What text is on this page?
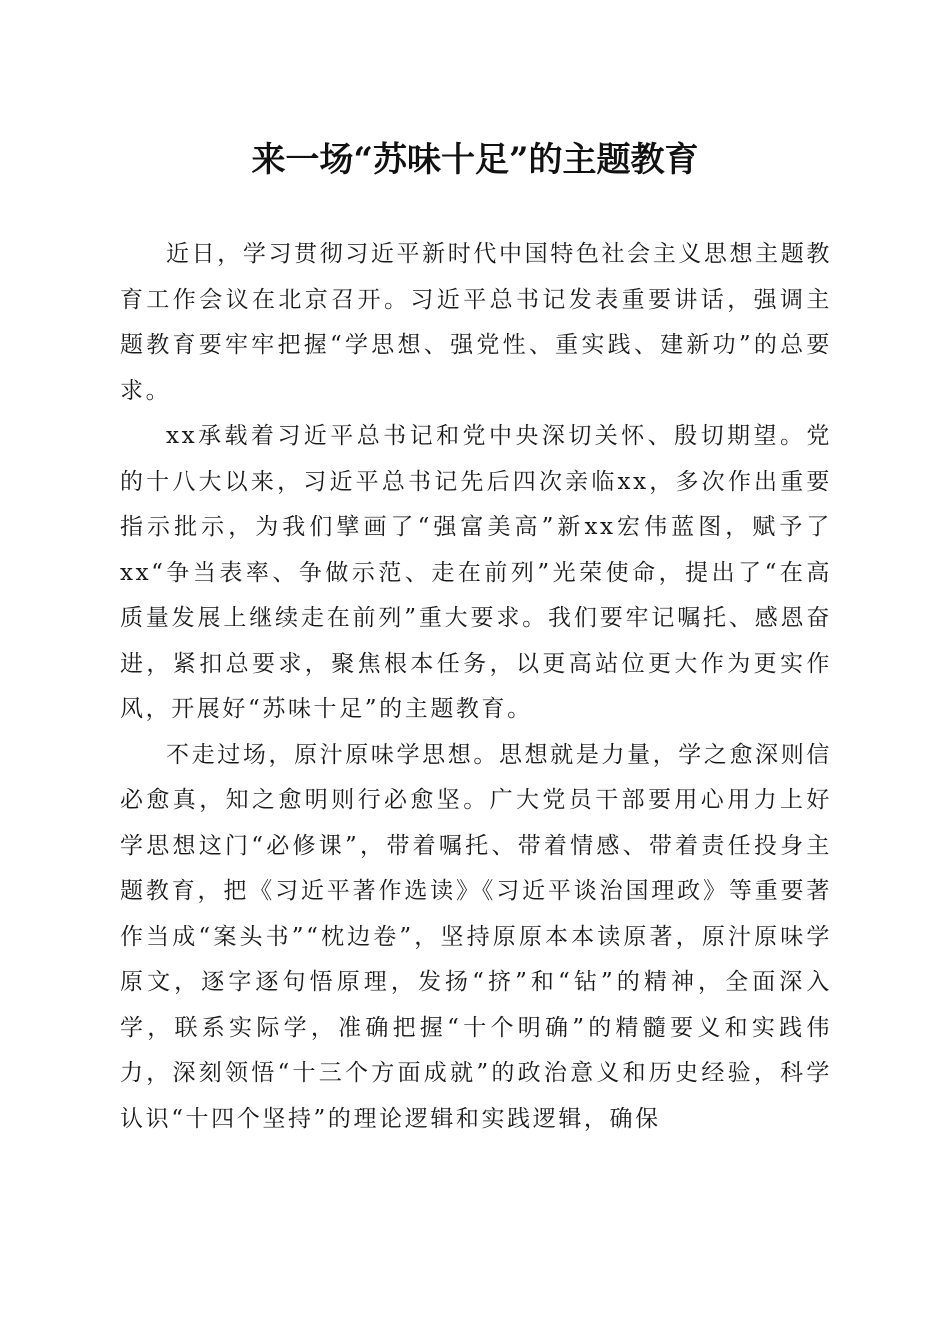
来一场“苏味十足”的主题教育

近日，学习贯彻习近平新时代中国特色社会主义思想主题教育工作会议在北京召开。习近平总书记发表重要讲话，强调主题教育要牢牢把握“学思想、强党性、重实践、建新功”的总要求。

xx承载着习近平总书记和党中央深切关怀、殷切期望。党的十八大以来，习近平总书记先后四次亲临xx，多次作出重要指示批示，为我们擘画了“强富美高”新xx宏伟蓝图，赋予了xx“争当表率、争做示范、走在前列”光荣使命，提出了“在高质量发展上继续走在前列”重大要求。我们要牢记嘱托、感恩奋进，紧扣总要求，聚焦根本任务，以更高站位更大作为更实作风，开展好“苏味十足”的主题教育。

不走过场，原汁原味学思想。思想就是力量，学之愈深则信必愈真，知之愈明则行必愈坚。广大党员干部要用心用力上好学思想这门“必修课”，带着嘱托、带着情感、带着责任投身主题教育，把《习近平著作选读》《习近平谈治国理政》等重要著作当成“案头书”“枕边卷”，坚持原原本本读原著，原汁原味学原文，逐字逐句悟原理，发扬“挤”和“钻”的精神，全面深入学，联系实际学，准确把握“十个明确”的精髓要义和实践伟力，深刻领悟“十三个方面成就”的政治意义和历史经验，科学认识“十四个坚持”的理论逻辑和实践逻辑，确保
